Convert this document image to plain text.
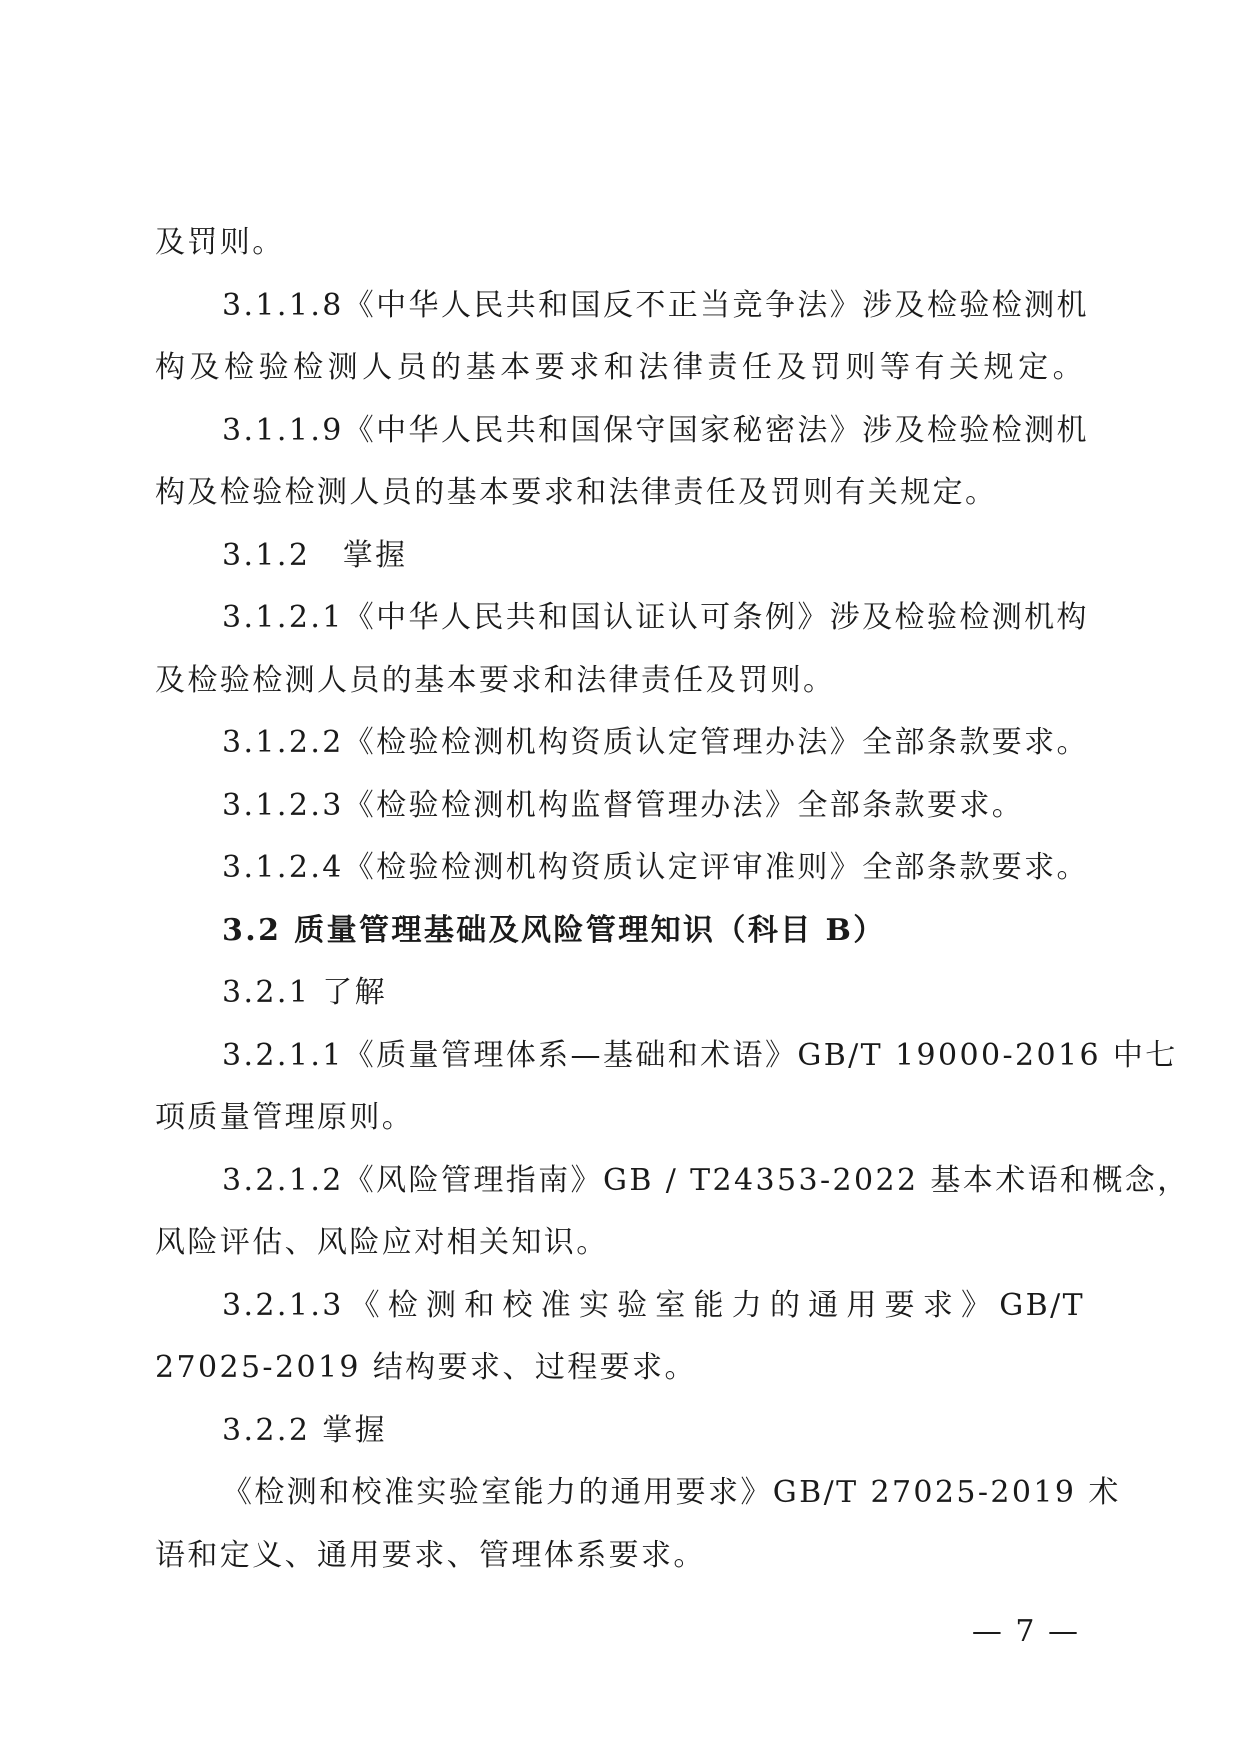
及罚则。
3.1.1.8《中华人民共和国反不正当竞争法》涉及检验检测机
构及检验检测人员的基本要求和法律责任及罚则等有关规定。
3.1.1.9《中华人民共和国保守国家秘密法》涉及检验检测机
构及检验检测人员的基本要求和法律责任及罚则有关规定。
3.1.2　掌握
3.1.2.1《中华人民共和国认证认可条例》涉及检验检测机构
及检验检测人员的基本要求和法律责任及罚则。
3.1.2.2《检验检测机构资质认定管理办法》全部条款要求。
3.1.2.3《检验检测机构监督管理办法》全部条款要求。
3.1.2.4《检验检测机构资质认定评审准则》全部条款要求。
3.2 质量管理基础及风险管理知识（科目 B）
3.2.1 了解
3.2.1.1《质量管理体系—基础和术语》GB/T 19000-2016 中七
项质量管理原则。
3.2.1.2《风险管理指南》GB / T24353-2022 基本术语和概念，
风险评估、风险应对相关知识。
3.2.1.3《检测和校准实验室能力的通用要求》GB/T
27025-2019 结构要求、过程要求。
3.2.2 掌握
《检测和校准实验室能力的通用要求》GB/T 27025-2019 术
语和定义、通用要求、管理体系要求。
— 7 —
